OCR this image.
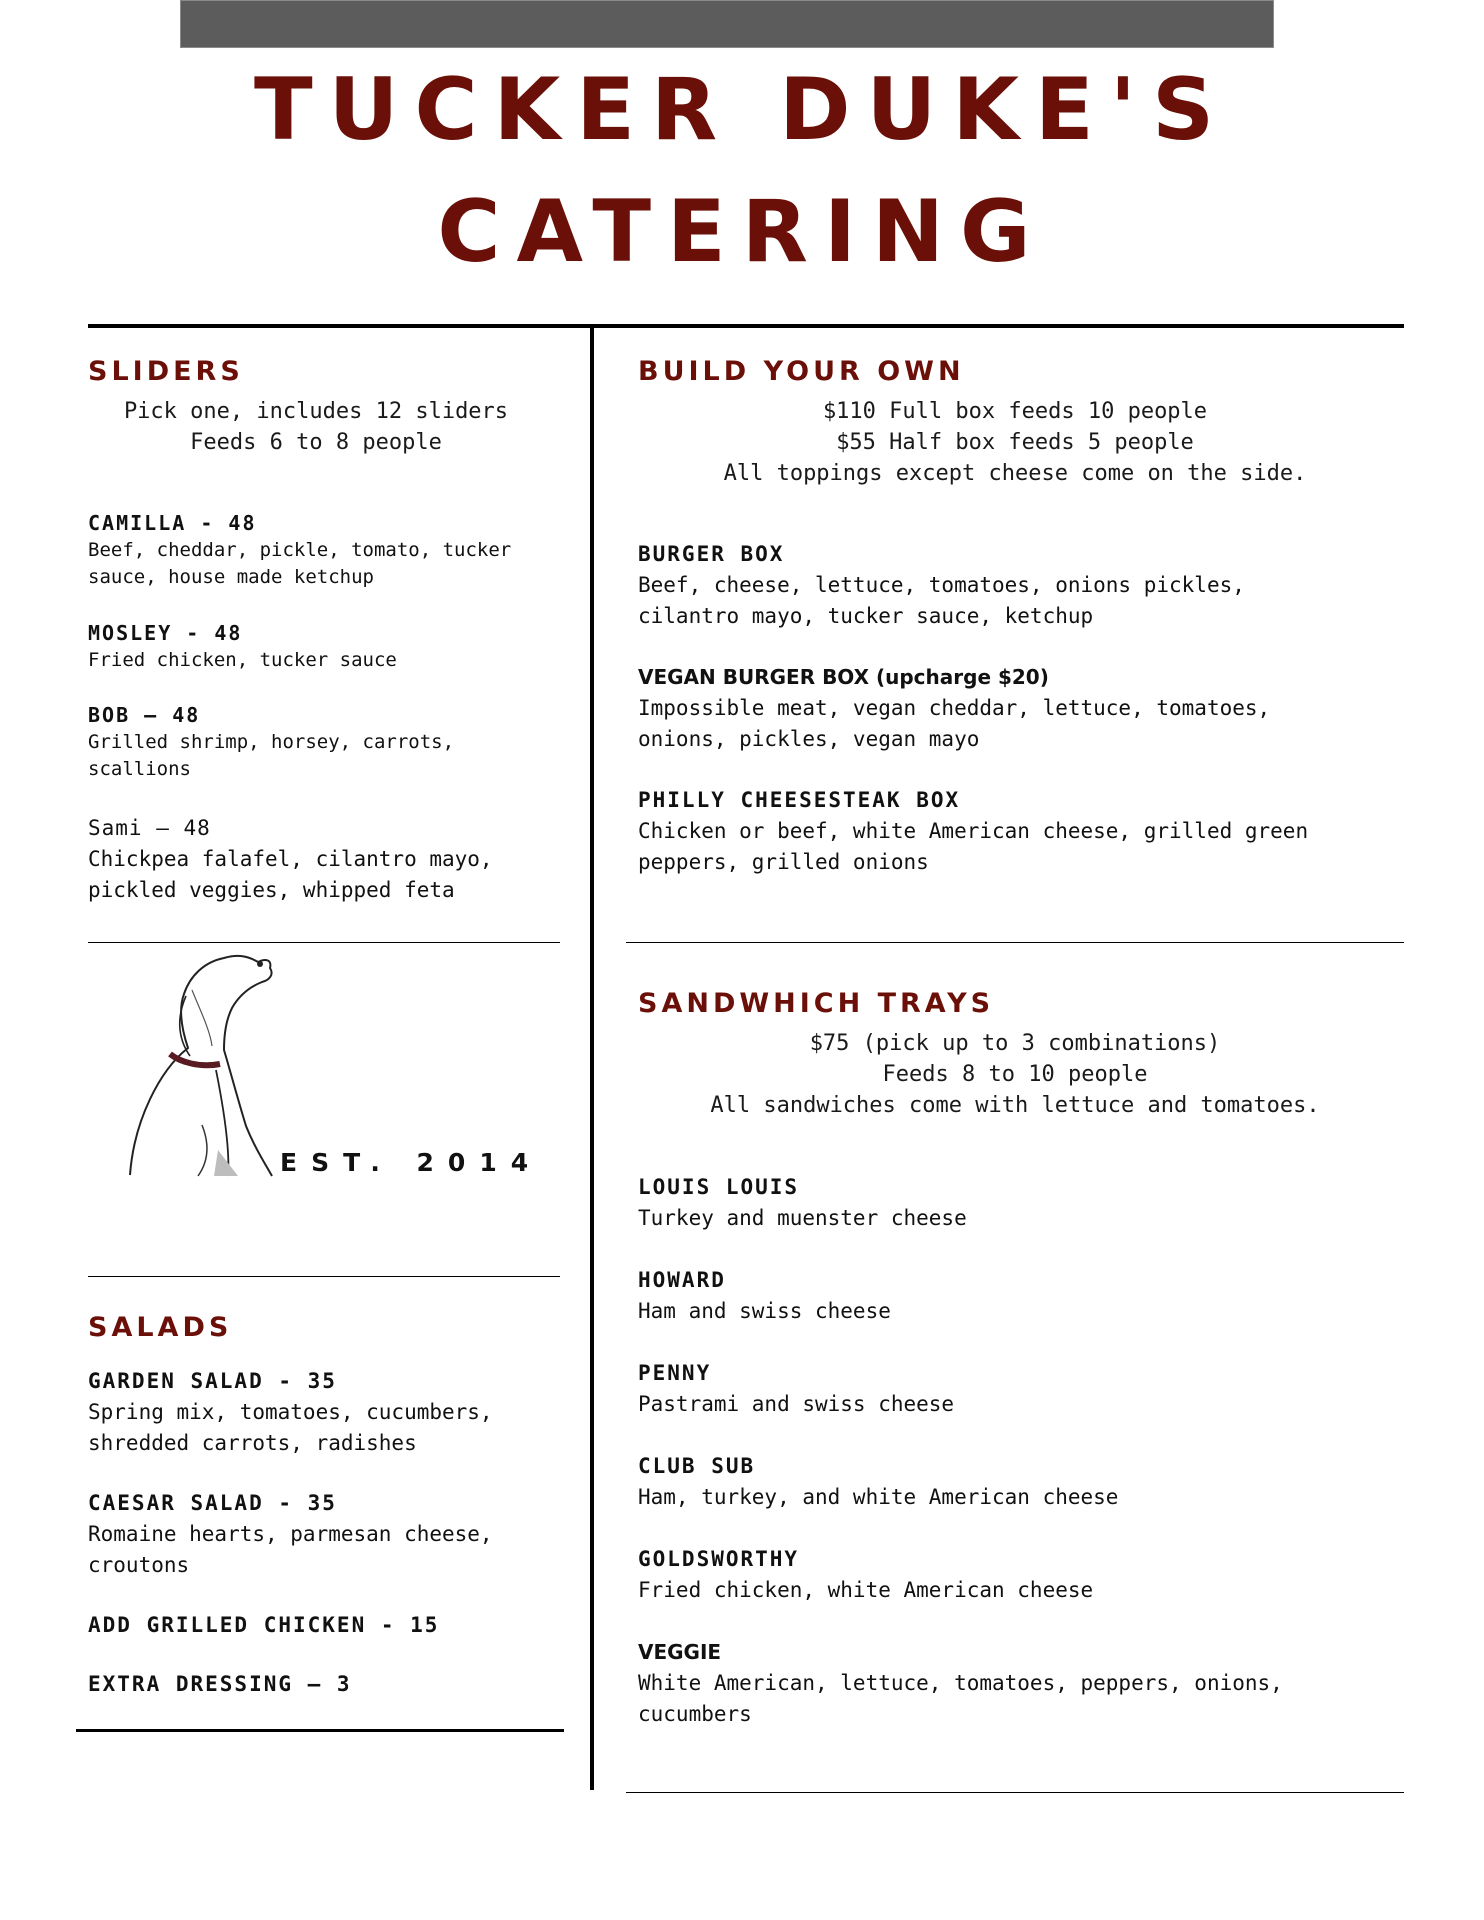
TUCKER DUKE'S
CATERING
SLIDERS
Pick one, includes 12 sliders
Feeds 6 to 8 people
CAMILLA - 48
Beef, cheddar, pickle, tomato, tucker sauce, house made ketchup
MOSLEY - 48
Fried chicken, tucker sauce
BOB – 48
Grilled shrimp, horsey, carrots, scallions
Sami – 48
Chickpea falafel, cilantro mayo, pickled veggies, whipped feta
EST. 2014
SALADS
GARDEN SALAD - 35
Spring mix, tomatoes, cucumbers, shredded carrots, radishes
CAESAR SALAD - 35
Romaine hearts, parmesan cheese, croutons
ADD GRILLED CHICKEN - 15
EXTRA DRESSING – 3
BUILD YOUR OWN
$110 Full box feeds 10 people
$55 Half box feeds 5 people
All toppings except cheese come on the side.
BURGER BOX
Beef, cheese, lettuce, tomatoes, onions pickles, cilantro mayo, tucker sauce, ketchup
VEGAN BURGER BOX (upcharge $20)
Impossible meat, vegan cheddar, lettuce, tomatoes, onions, pickles, vegan mayo
PHILLY CHEESESTEAK BOX
Chicken or beef, white American cheese, grilled green peppers, grilled onions
SANDWHICH TRAYS
$75 (pick up to 3 combinations)
Feeds 8 to 10 people
All sandwiches come with lettuce and tomatoes.
LOUIS LOUIS
Turkey and muenster cheese
HOWARD
Ham and swiss cheese
PENNY
Pastrami and swiss cheese
CLUB SUB
Ham, turkey, and white American cheese
GOLDSWORTHY
Fried chicken, white American cheese
VEGGIE
White American, lettuce, tomatoes, peppers, onions, cucumbers
